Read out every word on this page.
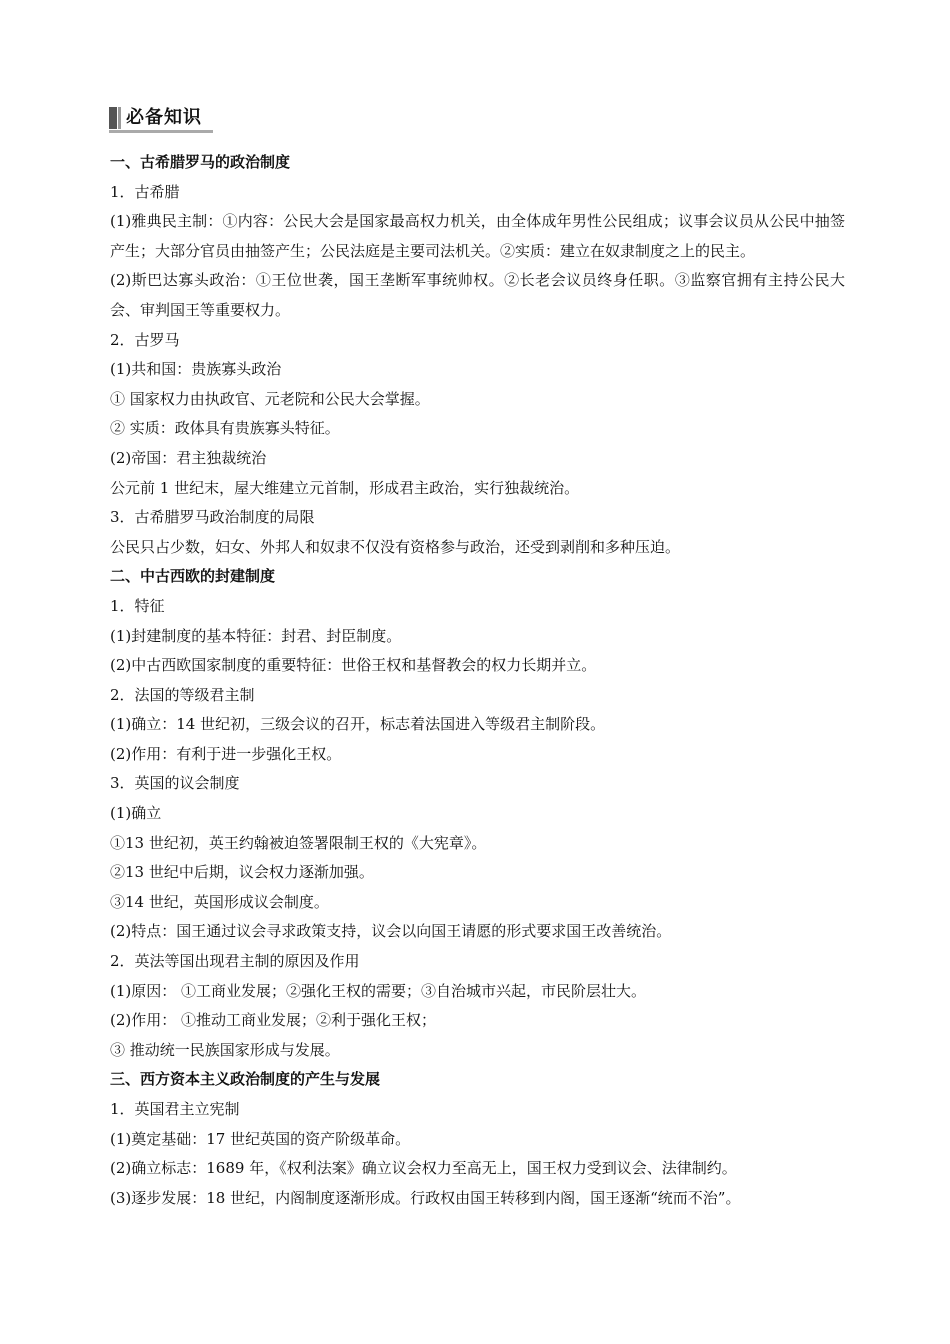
必备知识
一、古希腊罗马的政治制度
1．古希腊
(1)雅典民主制：①内容：公民大会是国家最高权力机关，由全体成年男性公民组成；议事会议员从公民中抽签产生；大部分官员由抽签产生；公民法庭是主要司法机关。②实质：建立在奴隶制度之上的民主。
(2)斯巴达寡头政治：①王位世袭，国王垄断军事统帅权。②长老会议员终身任职。③监察官拥有主持公民大会、审判国王等重要权力。
2．古罗马
(1)共和国：贵族寡头政治
① 国家权力由执政官、元老院和公民大会掌握。
② 实质：政体具有贵族寡头特征。
(2)帝国：君主独裁统治
公元前 1 世纪末，屋大维建立元首制，形成君主政治，实行独裁统治。
3．古希腊罗马政治制度的局限
公民只占少数，妇女、外邦人和奴隶不仅没有资格参与政治，还受到剥削和多种压迫。
二、中古西欧的封建制度
1．特征
(1)封建制度的基本特征：封君、封臣制度。
(2)中古西欧国家制度的重要特征：世俗王权和基督教会的权力长期并立。
2．法国的等级君主制
(1)确立：14 世纪初，三级会议的召开，标志着法国进入等级君主制阶段。
(2)作用：有利于进一步强化王权。
3．英国的议会制度
(1)确立
①13 世纪初，英王约翰被迫签署限制王权的《大宪章》。
②13 世纪中后期，议会权力逐渐加强。
③14 世纪，英国形成议会制度。
(2)特点：国王通过议会寻求政策支持，议会以向国王请愿的形式要求国王改善统治。
2．英法等国出现君主制的原因及作用
(1)原因： ①工商业发展；②强化王权的需要；③自治城市兴起，市民阶层壮大。
(2)作用： ①推动工商业发展；②利于强化王权；
③ 推动统一民族国家形成与发展。
三、西方资本主义政治制度的产生与发展
1．英国君主立宪制
(1)奠定基础：17 世纪英国的资产阶级革命。
(2)确立标志：1689 年，《权利法案》确立议会权力至高无上，国王权力受到议会、法律制约。
(3)逐步发展：18 世纪，内阁制度逐渐形成。行政权由国王转移到内阁，国王逐渐“统而不治”。
